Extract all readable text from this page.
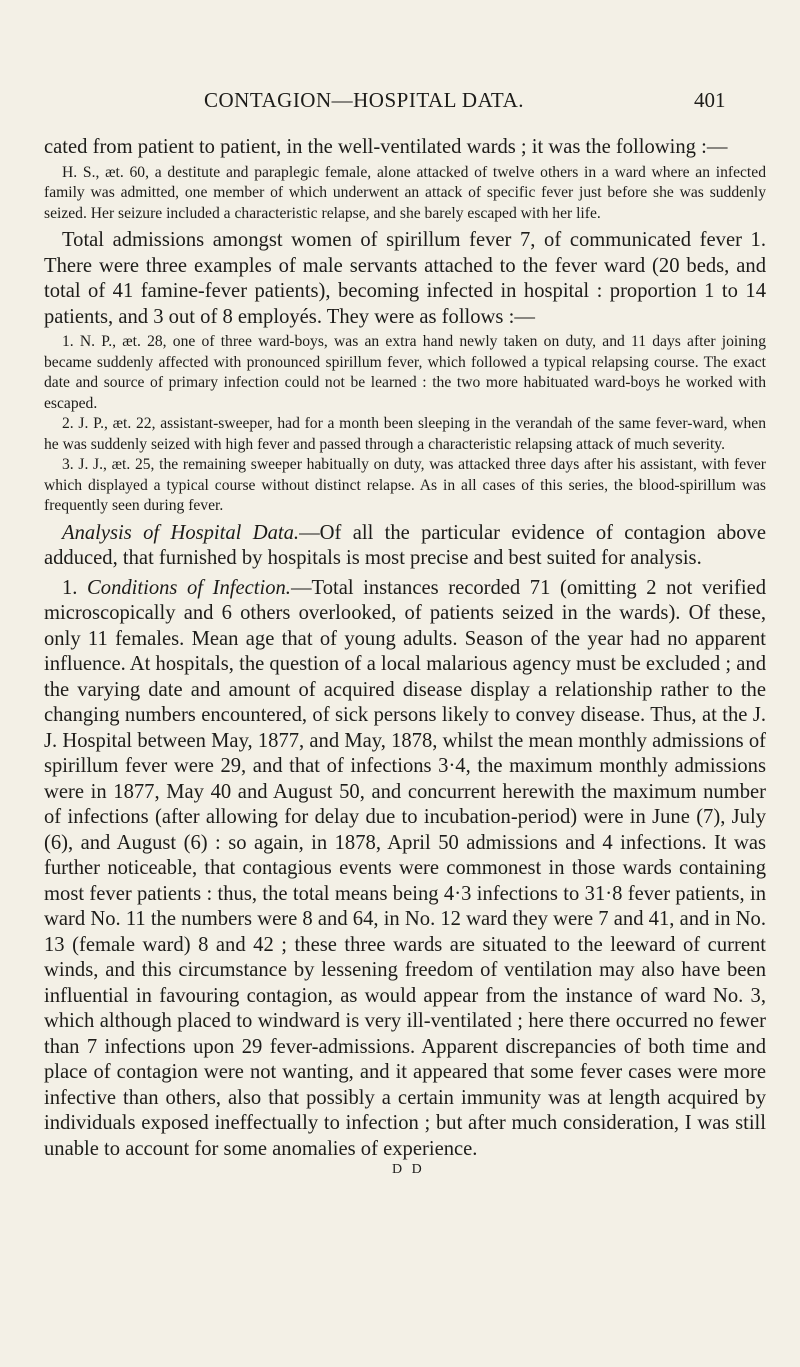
CONTAGION—HOSPITAL DATA.	401

cated from patient to patient, in the well-ventilated wards ; it was the following :—

H. S., æt. 60, a destitute and paraplegic female, alone attacked of twelve others in a ward where an infected family was admitted, one member of which underwent an attack of specific fever just before she was suddenly seized. Her seizure included a characteristic relapse, and she barely escaped with her life.

Total admissions amongst women of spirillum fever 7, of communicated fever 1. There were three examples of male servants attached to the fever ward (20 beds, and total of 41 famine-fever patients), becoming infected in hospital : proportion 1 to 14 patients, and 3 out of 8 employés. They were as follows :—

1. N. P., æt. 28, one of three ward-boys, was an extra hand newly taken on duty, and 11 days after joining became suddenly affected with pronounced spirillum fever, which followed a typical relapsing course. The exact date and source of primary infection could not be learned : the two more habituated ward-boys he worked with escaped.

2. J. P., æt. 22, assistant-sweeper, had for a month been sleeping in the verandah of the same fever-ward, when he was suddenly seized with high fever and passed through a characteristic relapsing attack of much severity.

3. J. J., æt. 25, the remaining sweeper habitually on duty, was attacked three days after his assistant, with fever which displayed a typical course without distinct relapse. As in all cases of this series, the blood-spirillum was frequently seen during fever.

Analysis of Hospital Data.—Of all the particular evidence of contagion above adduced, that furnished by hospitals is most precise and best suited for analysis.

1. Conditions of Infection.—Total instances recorded 71 (omitting 2 not verified microscopically and 6 others overlooked, of patients seized in the wards). Of these, only 11 females. Mean age that of young adults. Season of the year had no apparent influence. At hospitals, the question of a local malarious agency must be excluded ; and the varying date and amount of acquired disease display a relationship rather to the changing numbers encountered, of sick persons likely to convey disease. Thus, at the J. J. Hospital between May, 1877, and May, 1878, whilst the mean monthly admissions of spirillum fever were 29, and that of infections 3·4, the maximum monthly admissions were in 1877, May 40 and August 50, and concurrent herewith the maximum number of infections (after allowing for delay due to incubation-period) were in June (7), July (6), and August (6) : so again, in 1878, April 50 admissions and 4 infections. It was further noticeable, that contagious events were commonest in those wards containing most fever patients : thus, the total means being 4·3 infections to 31·8 fever patients, in ward No. 11 the numbers were 8 and 64, in No. 12 ward they were 7 and 41, and in No. 13 (female ward) 8 and 42 ; these three wards are situated to the leeward of current winds, and this circumstance by lessening freedom of ventilation may also have been influential in favouring contagion, as would appear from the instance of ward No. 3, which although placed to windward is very ill-ventilated ; here there occurred no fewer than 7 infections upon 29 fever-admissions. Apparent discrepancies of both time and place of contagion were not wanting, and it appeared that some fever cases were more infective than others, also that possibly a certain immunity was at length acquired by individuals exposed ineffectually to infection ; but after much consideration, I was still unable to account for some anomalies of experience.

D D
